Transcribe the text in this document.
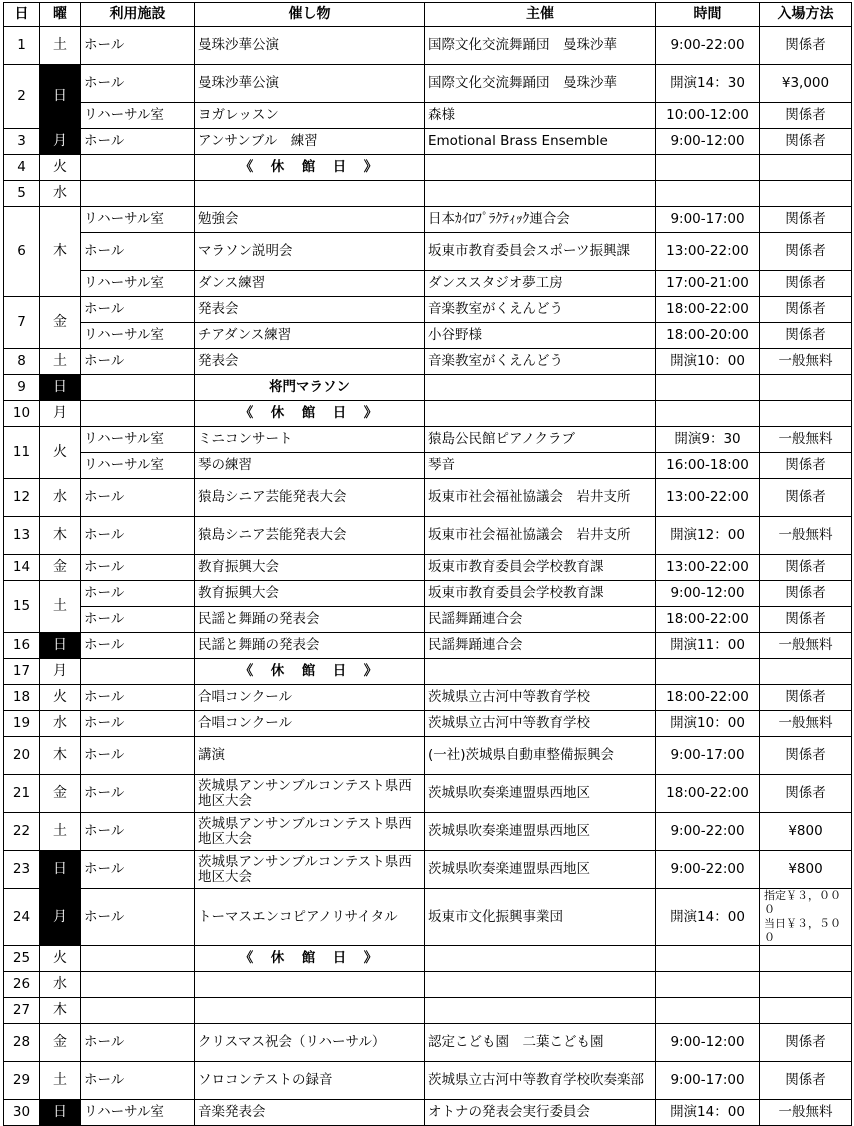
日	曜	利用施設	催し物	主催	時間	入場方法
1	土	ホール	曼珠沙華公演	国際文化交流舞踊団　曼珠沙華	9:00-22:00	関係者
2	日	ホール	曼珠沙華公演	国際文化交流舞踊団　曼珠沙華	開演14：30	¥3,000
		リハーサル室	ヨガレッスン	森様	10:00-12:00	関係者
3	月	ホール	アンサンブル　練習	Emotional Brass Ensemble	9:00-12:00	関係者
4	火		《　休　館　日　》			
5	水					
6	木	リハーサル室	勉強会	日本ｶｲﾛﾌﾟﾗｸﾃｨｯｸ連合会	9:00-17:00	関係者
		ホール	マラソン説明会	坂東市教育委員会スポーツ振興課	13:00-22:00	関係者
		リハーサル室	ダンス練習	ダンススタジオ夢工房	17:00-21:00	関係者
7	金	ホール	発表会	音楽教室がくえんどう	18:00-22:00	関係者
		リハーサル室	チアダンス練習	小谷野様	18:00-20:00	関係者
8	土	ホール	発表会	音楽教室がくえんどう	開演10：00	一般無料
9	日		将門マラソン			
10	月		《　休　館　日　》			
11	火	リハーサル室	ミニコンサート	猿島公民館ピアノクラブ	開演9：30	一般無料
		リハーサル室	琴の練習	琴音	16:00-18:00	関係者
12	水	ホール	猿島シニア芸能発表大会	坂東市社会福祉協議会　岩井支所	13:00-22:00	関係者
13	木	ホール	猿島シニア芸能発表大会	坂東市社会福祉協議会　岩井支所	開演12：00	一般無料
14	金	ホール	教育振興大会	坂東市教育委員会学校教育課	13:00-22:00	関係者
15	土	ホール	教育振興大会	坂東市教育委員会学校教育課	9:00-12:00	関係者
		ホール	民謡と舞踊の発表会	民謡舞踊連合会	18:00-22:00	関係者
16	日	ホール	民謡と舞踊の発表会	民謡舞踊連合会	開演11：00	一般無料
17	月		《　休　館　日　》			
18	火	ホール	合唱コンクール	茨城県立古河中等教育学校	18:00-22:00	関係者
19	水	ホール	合唱コンクール	茨城県立古河中等教育学校	開演10：00	一般無料
20	木	ホール	講演	(一社)茨城県自動車整備振興会	9:00-17:00	関係者
21	金	ホール	茨城県アンサンブルコンテスト県西地区大会	茨城県吹奏楽連盟県西地区	18:00-22:00	関係者
22	土	ホール	茨城県アンサンブルコンテスト県西地区大会	茨城県吹奏楽連盟県西地区	9:00-22:00	¥800
23	日	ホール	茨城県アンサンブルコンテスト県西地区大会	茨城県吹奏楽連盟県西地区	9:00-22:00	¥800
24	月	ホール	トーマスエンコピアノリサイタル	坂東市文化振興事業団	開演14：00	指定￥３，０００
当日￥３，５００

25	火		《　休　館　日　》			
26	水					
27	木					
28	金	ホール	クリスマス祝会（リハーサル）	認定こども園　二葉こども園	9:00-12:00	関係者
29	土	ホール	ソロコンテストの録音	茨城県立古河中等教育学校吹奏楽部	9:00-17:00	関係者
30	日	リハーサル室	音楽発表会	オトナの発表会実行委員会	開演14：00	一般無料
